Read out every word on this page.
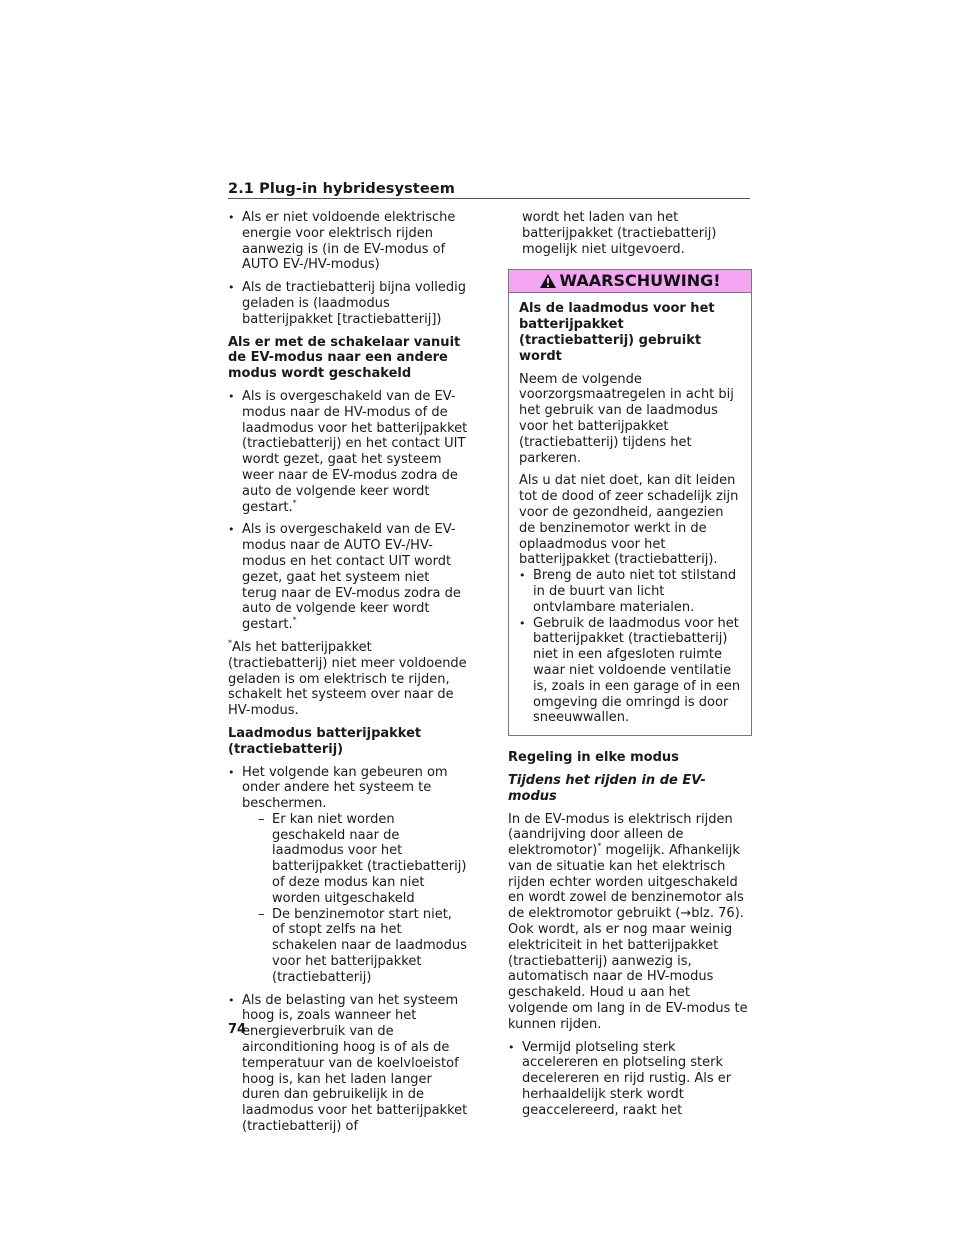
2.1 Plug-in hybridesysteem
• Als er niet voldoende elektrische energie voor elektrisch rijden aanwezig is (in de EV-modus of AUTO EV-/HV-modus)
• Als de tractiebatterij bijna volledig geladen is (laadmodus batterijpakket [tractiebatterij])

Als er met de schakelaar vanuit de EV-modus naar een andere modus wordt geschakeld

• Als is overgeschakeld van de EV-modus naar de HV-modus of de laadmodus voor het batterijpakket (tractiebatterij) en het contact UIT wordt gezet, gaat het systeem weer naar de EV-modus zodra de auto de volgende keer wordt gestart.*
• Als is overgeschakeld van de EV-modus naar de AUTO EV-/HV-modus en het contact UIT wordt gezet, gaat het systeem niet terug naar de EV-modus zodra de auto de volgende keer wordt gestart.*

*Als het batterijpakket (tractiebatterij) niet meer voldoende geladen is om elektrisch te rijden, schakelt het systeem over naar de HV-modus.

Laadmodus batterijpakket (tractiebatterij)

• Het volgende kan gebeuren om onder andere het systeem te beschermen.
– Er kan niet worden geschakeld naar de laadmodus voor het batterijpakket (tractiebatterij) of deze modus kan niet worden uitgeschakeld
– De benzinemotor start niet, of stopt zelfs na het schakelen naar de laadmodus voor het batterijpakket (tractiebatterij)
• Als de belasting van het systeem hoog is, zoals wanneer het energieverbruik van de airconditioning hoog is of als de temperatuur van de koelvloeistof hoog is, kan het laden langer duren dan gebruikelijk in de laadmodus voor het batterijpakket (tractiebatterij) of

wordt het laden van het batterijpakket (tractiebatterij) mogelijk niet uitgevoerd.

WAARSCHUWING!

Als de laadmodus voor het batterijpakket (tractiebatterij) gebruikt wordt

Neem de volgende voorzorgsmaatregelen in acht bij het gebruik van de laadmodus voor het batterijpakket (tractiebatterij) tijdens het parkeren.

Als u dat niet doet, kan dit leiden tot de dood of zeer schadelijk zijn voor de gezondheid, aangezien de benzinemotor werkt in de oplaadmodus voor het batterijpakket (tractiebatterij).

• Breng de auto niet tot stilstand in de buurt van licht ontvlambare materialen.
• Gebruik de laadmodus voor het batterijpakket (tractiebatterij) niet in een afgesloten ruimte waar niet voldoende ventilatie is, zoals in een garage of in een omgeving die omringd is door sneeuwwallen.

Regeling in elke modus

Tijdens het rijden in de EV-modus

In de EV-modus is elektrisch rijden (aandrijving door alleen de elektromotor)* mogelijk. Afhankelijk van de situatie kan het elektrisch rijden echter worden uitgeschakeld en wordt zowel de benzinemotor als de elektromotor gebruikt (→blz. 76). Ook wordt, als er nog maar weinig elektriciteit in het batterijpakket (tractiebatterij) aanwezig is, automatisch naar de HV-modus geschakeld. Houd u aan het volgende om lang in de EV-modus te kunnen rijden.

• Vermijd plotseling sterk accelereren en plotseling sterk decelereren en rijd rustig. Als er herhaaldelijk sterk wordt geaccelereerd, raakt het
74
